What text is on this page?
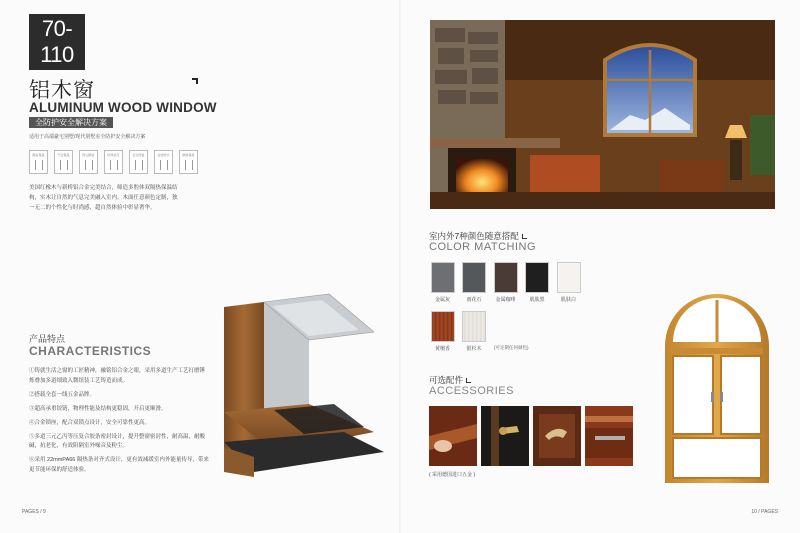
70-
110
铝木窗
ALUMINUM WOOD WINDOW
全防护安全解决方案
适用于高端豪宅别墅/现代别墅室全防护安全解决方案
隔音保温	气密保温	防尘隔音	防风抗压	安全防盗	密封防水	隔热保温
美国红橡木与新桥铝合金完美结合，师造多腔体双隔热保温结
构，实木让自然的气息完美融入室内。木面任意颜色定制，独
一无二的个性化与时尚感，超自然体验中彰显奢华。
产品特点
CHARACTERISTICS
①铸就生活之窗的工匠精神，融铭铝合金之眼，采用多道生产工艺打磨锤炼叠加多道细致入微组装工艺铸造而成。
②搭载全套一线五金品牌。
③超高承重铰链，物理性能及结构更稳固，开启更顺滑。
④合金锁座，配合双锁点设计，安全可靠性更高。
⑤多道三元乙丙等压复合胶条密封设计，提升整窗密封性，耐高温，耐酸碱，抗老化，有效阻隔室外噪音及粉尘。
⑥采用 22mmPA66 隔热条对齐式设计，更有效减缓室内外能量传导，带来更节能环保的舒适体验。
PAGES / 9
室内外7种颜色随意搭配
COLOR MATCHING
金属灰	雨花石	金属咖啡	肌肤黑	肌肤白
黄檀香	银杉木	(可定制任何颜色)
可选配件
ACCESSORIES
( 采用德国进口五金 )
10 / PAGES
